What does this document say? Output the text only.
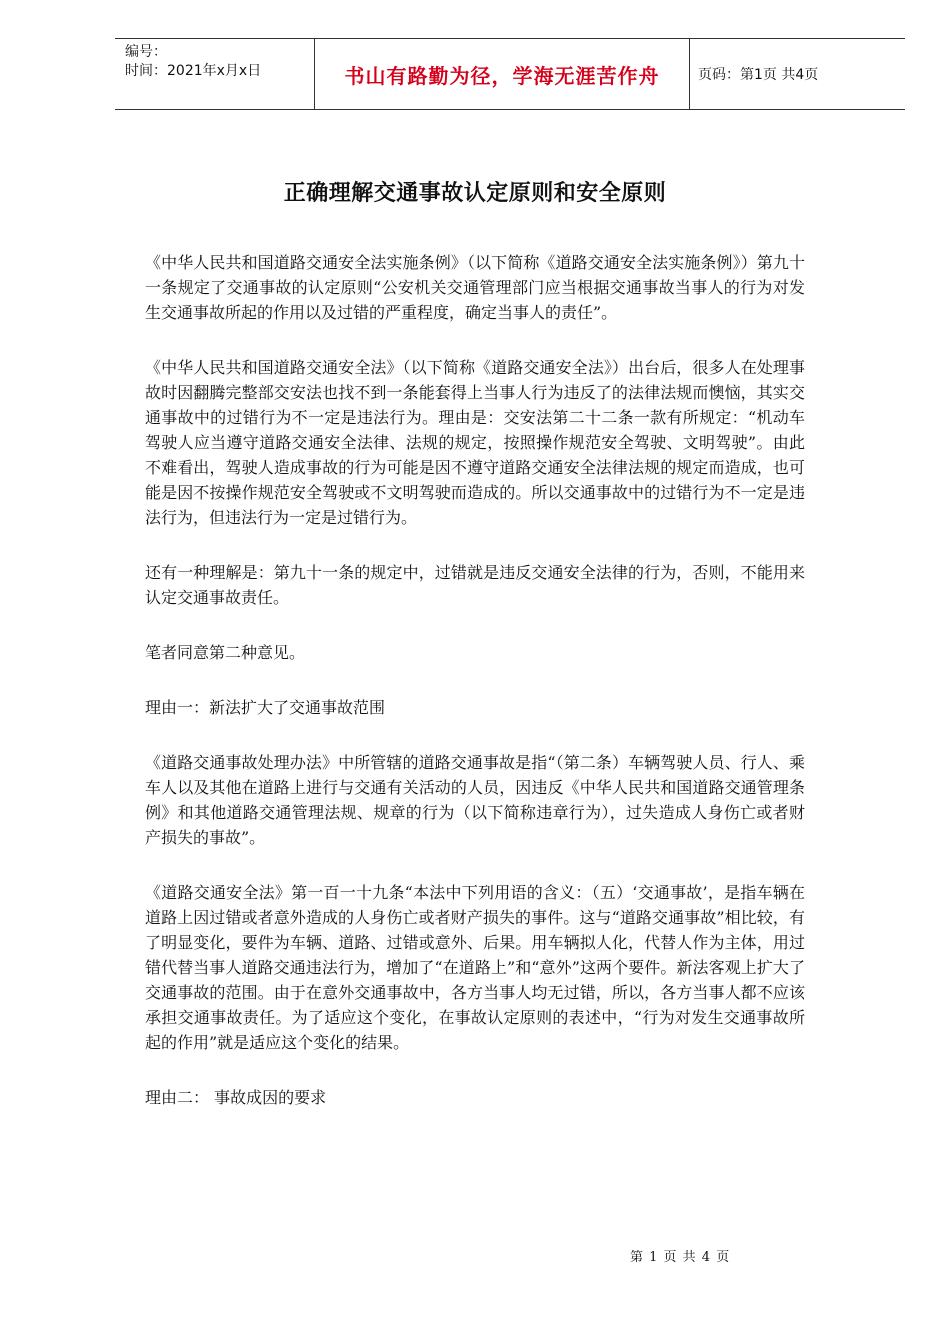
编号：
时间：2021年x月x日	书山有路勤为径，学海无涯苦作舟	页码：第1页 共4页
正确理解交通事故认定原则和安全原则

《中华人民共和国道路交通安全法实施条例》（以下简称《道路交通安全法实施条例》）第九十一条规定了交通事故的认定原则“公安机关交通管理部门应当根据交通事故当事人的行为对发生交通事故所起的作用以及过错的严重程度，确定当事人的责任”。

《中华人民共和国道路交通安全法》（以下简称《道路交通安全法》）出台后，很多人在处理事故时因翻腾完整部交安法也找不到一条能套得上当事人行为违反了的法律法规而懊恼，其实交通事故中的过错行为不一定是违法行为。理由是：交安法第二十二条一款有所规定：“机动车驾驶人应当遵守道路交通安全法律、法规的规定，按照操作规范安全驾驶、文明驾驶”。由此不难看出，驾驶人造成事故的行为可能是因不遵守道路交通安全法律法规的规定而造成，也可能是因不按操作规范安全驾驶或不文明驾驶而造成的。所以交通事故中的过错行为不一定是违法行为，但违法行为一定是过错行为。

还有一种理解是：第九十一条的规定中，过错就是违反交通安全法律的行为，否则，不能用来认定交通事故责任。

笔者同意第二种意见。

理由一：新法扩大了交通事故范围

《道路交通事故处理办法》中所管辖的道路交通事故是指“（第二条）车辆驾驶人员、行人、乘车人以及其他在道路上进行与交通有关活动的人员，因违反《中华人民共和国道路交通管理条例》和其他道路交通管理法规、规章的行为（以下简称违章行为），过失造成人身伤亡或者财产损失的事故”。

《道路交通安全法》第一百一十九条“本法中下列用语的含义：（五）‘交通事故’，是指车辆在道路上因过错或者意外造成的人身伤亡或者财产损失的事件。这与“道路交通事故”相比较，有了明显变化，要件为车辆、道路、过错或意外、后果。用车辆拟人化，代替人作为主体，用过错代替当事人道路交通违法行为，增加了“在道路上”和“意外”这两个要件。新法客观上扩大了交通事故的范围。由于在意外交通事故中，各方当事人均无过错，所以，各方当事人都不应该承担交通事故责任。为了适应这个变化，在事故认定原则的表述中，“行为对发生交通事故所起的作用”就是适应这个变化的结果。

理由二： 事故成因的要求

第 1 页 共 4 页
